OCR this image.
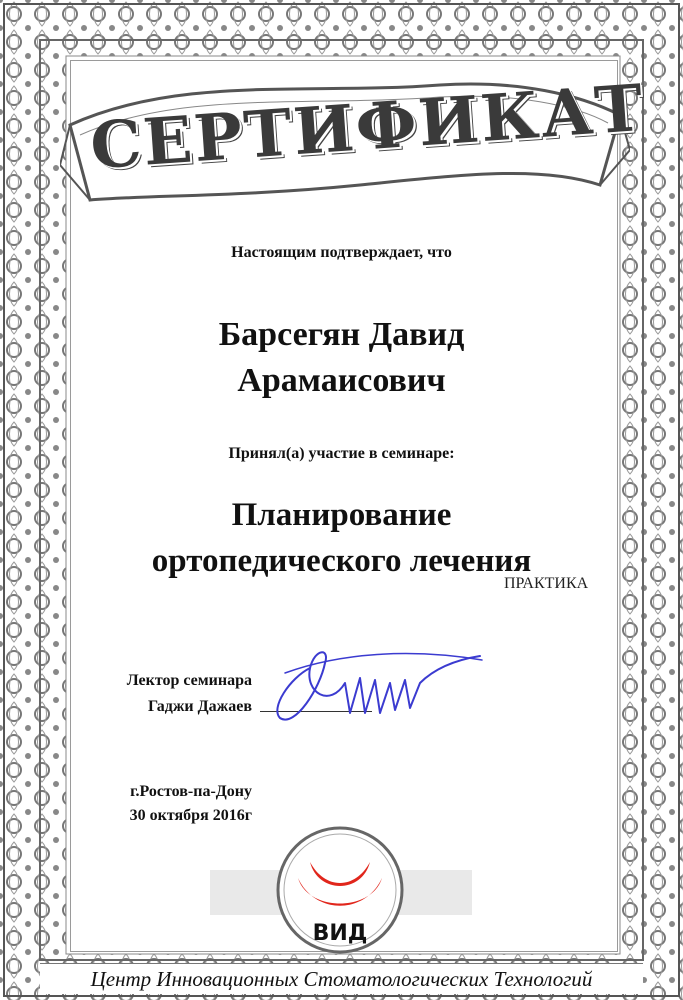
СЕРТИФИКАТ
Настоящим подтверждает, что
Барсегян Давид
Арамаисович
Принял(а) участие в семинаре:
Планирование
ортопедического лечения
ПРАКТИКА
Лектор семинара
Гаджи Дажаев
г.Ростов-па-Дону
30 октября 2016г
ВИД
Центр Инновационных Стоматологических Технологий
